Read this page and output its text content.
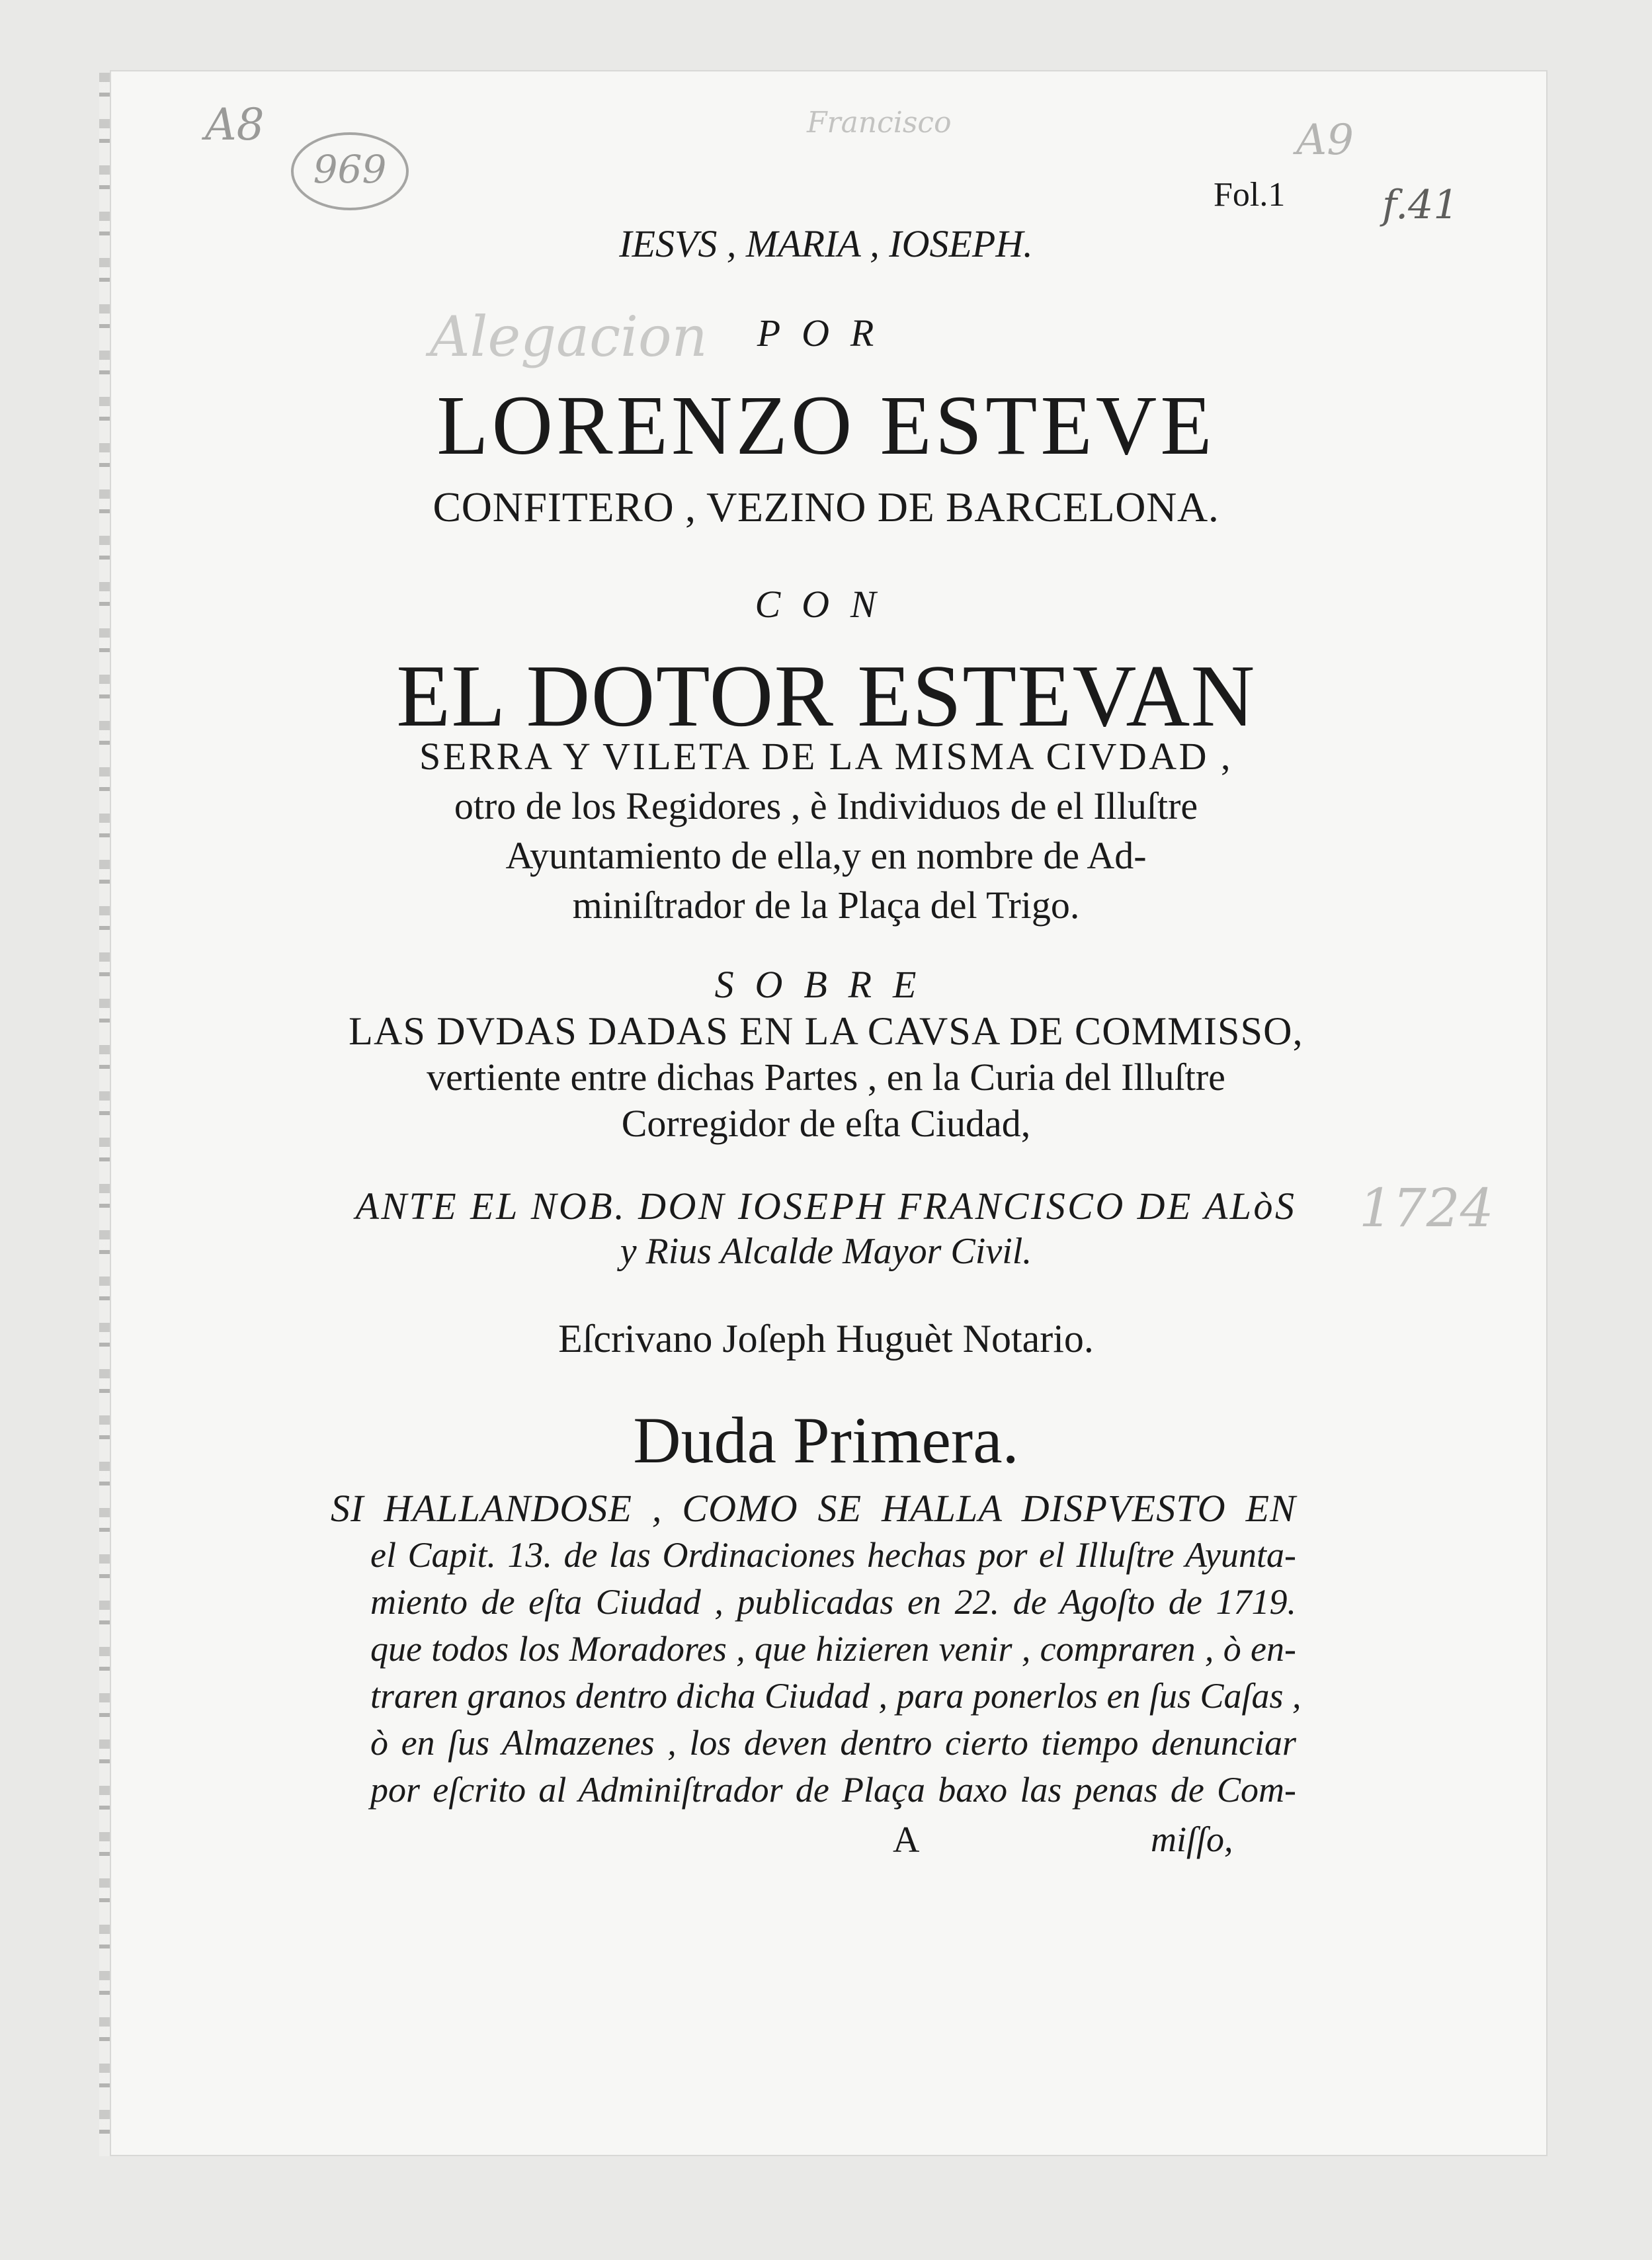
A8
969
Francisco	A9
f.41
Alegacion
1724
Fol.1
IESVS , MARIA , IOSEPH.
POR
LORENZO ESTEVE
CONFITERO , VEZINO DE BARCELONA.
CON
EL DOTOR ESTEVAN
SERRA Y VILETA DE LA MISMA CIVDAD ,
otro de los Regidores , è Individuos de el Illuſtre
Ayuntamiento de ella,y en nombre de Ad-
miniſtrador de la Plaça del Trigo.
SOBRE
LAS DVDAS DADAS EN LA CAVSA DE COMMISSO,
vertiente entre dichas Partes , en la Curia del Illuſtre
Corregidor de eſta Ciudad,
ANTE EL NOB. DON IOSEPH FRANCISCO DE ALòS
y Rius Alcalde Mayor Civil.
Eſcrivano Joſeph Huguèt Notario.
Duda Primera.
SI HALLANDOSE , COMO SE HALLA DISPVESTO EN
el Capit. 13. de las Ordinaciones hechas por el Illuſtre Ayunta-
miento de eſta Ciudad , publicadas en 22. de Agoſto de 1719.
que todos los Moradores , que hizieren venir , compraren , ò en-
traren granos dentro dicha Ciudad , para ponerlos en ſus Caſas ,
ò en ſus Almazenes , los deven dentro cierto tiempo denunciar
por eſcrito al Adminiſtrador de Plaça baxo las penas de Com-
A	miſſo,
